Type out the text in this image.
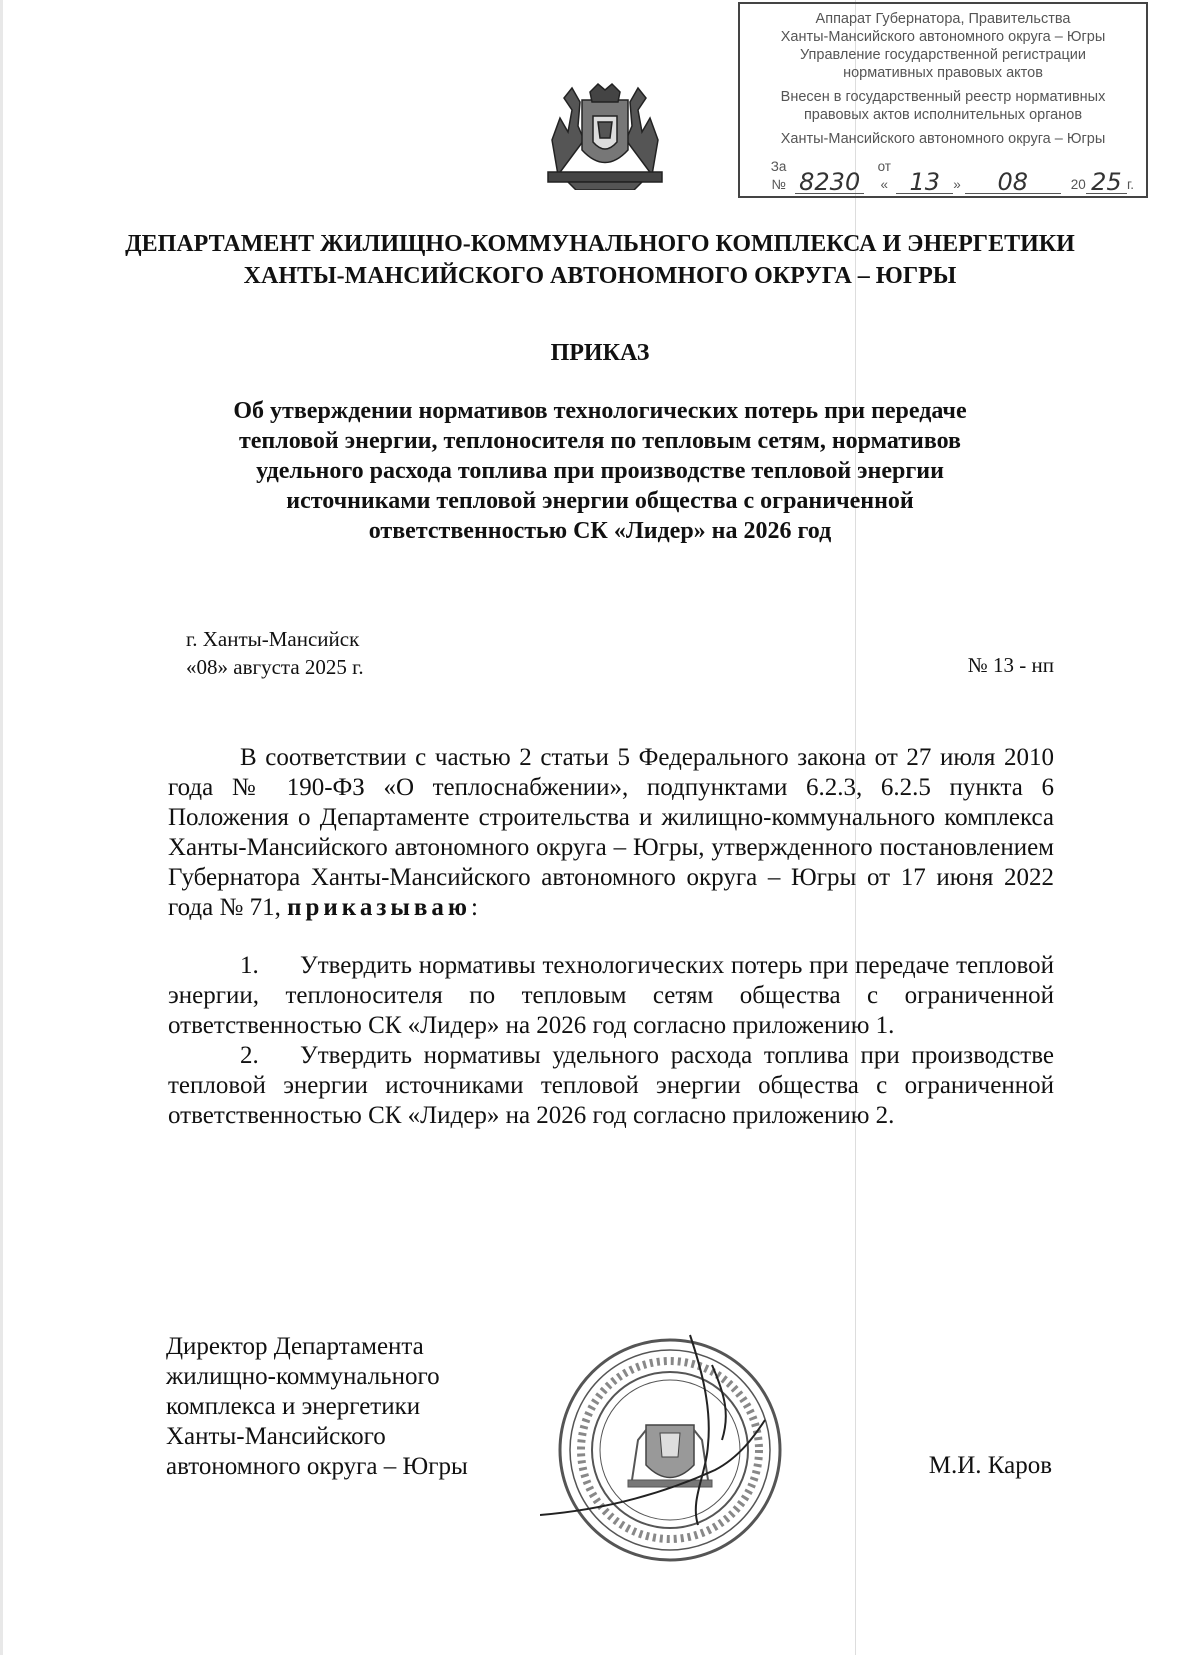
Аппарат Губернатора, Правительства
Ханты-Мансийского автономного округа – Югры
Управление государственной регистрации
нормативных правовых актов
Внесен в государственный реестр нормативных
правовых актов исполнительных органов
Ханты-Мансийского автономного округа – Югры
За № 8230
от « 13 »	08	20 25 г.
ДЕПАРТАМЕНТ ЖИЛИЩНО-КОММУНАЛЬНОГО КОМПЛЕКСА И ЭНЕРГЕТИКИ
ХАНТЫ-МАНСИЙСКОГО АВТОНОМНОГО ОКРУГА – ЮГРЫ
ПРИКАЗ
Об утверждении нормативов технологических потерь при передаче
тепловой энергии, теплоносителя по тепловым сетям, нормативов
удельного расхода топлива при производстве тепловой энергии
источниками тепловой энергии общества с ограниченной
ответственностью СК «Лидер» на 2026 год
г. Ханты-Мансийск
«08» августа 2025 г.	№ 13 - нп

В соответствии с частью 2 статьи 5 Федерального закона от 27 июля 2010 года № 190-ФЗ «О теплоснабжении», подпунктами 6.2.3, 6.2.5 пункта 6 Положения о Департаменте строительства и жилищно-коммунального комплекса Ханты-Мансийского автономного округа – Югры, утвержденного постановлением Губернатора Ханты-Мансийского автономного округа – Югры от 17 июня 2022 года № 71, приказываю:

1. Утвердить нормативы технологических потерь при передаче тепловой энергии, теплоносителя по тепловым сетям общества с ограниченной ответственностью СК «Лидер» на 2026 год согласно приложению 1.

2. Утвердить нормативы удельного расхода топлива при производстве тепловой энергии источниками тепловой энергии общества с ограниченной ответственностью СК «Лидер» на 2026 год согласно приложению 2.

Директор Департамента
жилищно-коммунального
комплекса и энергетики
Ханты-Мансийского
автономного округа – Югры	М.И. Каров
